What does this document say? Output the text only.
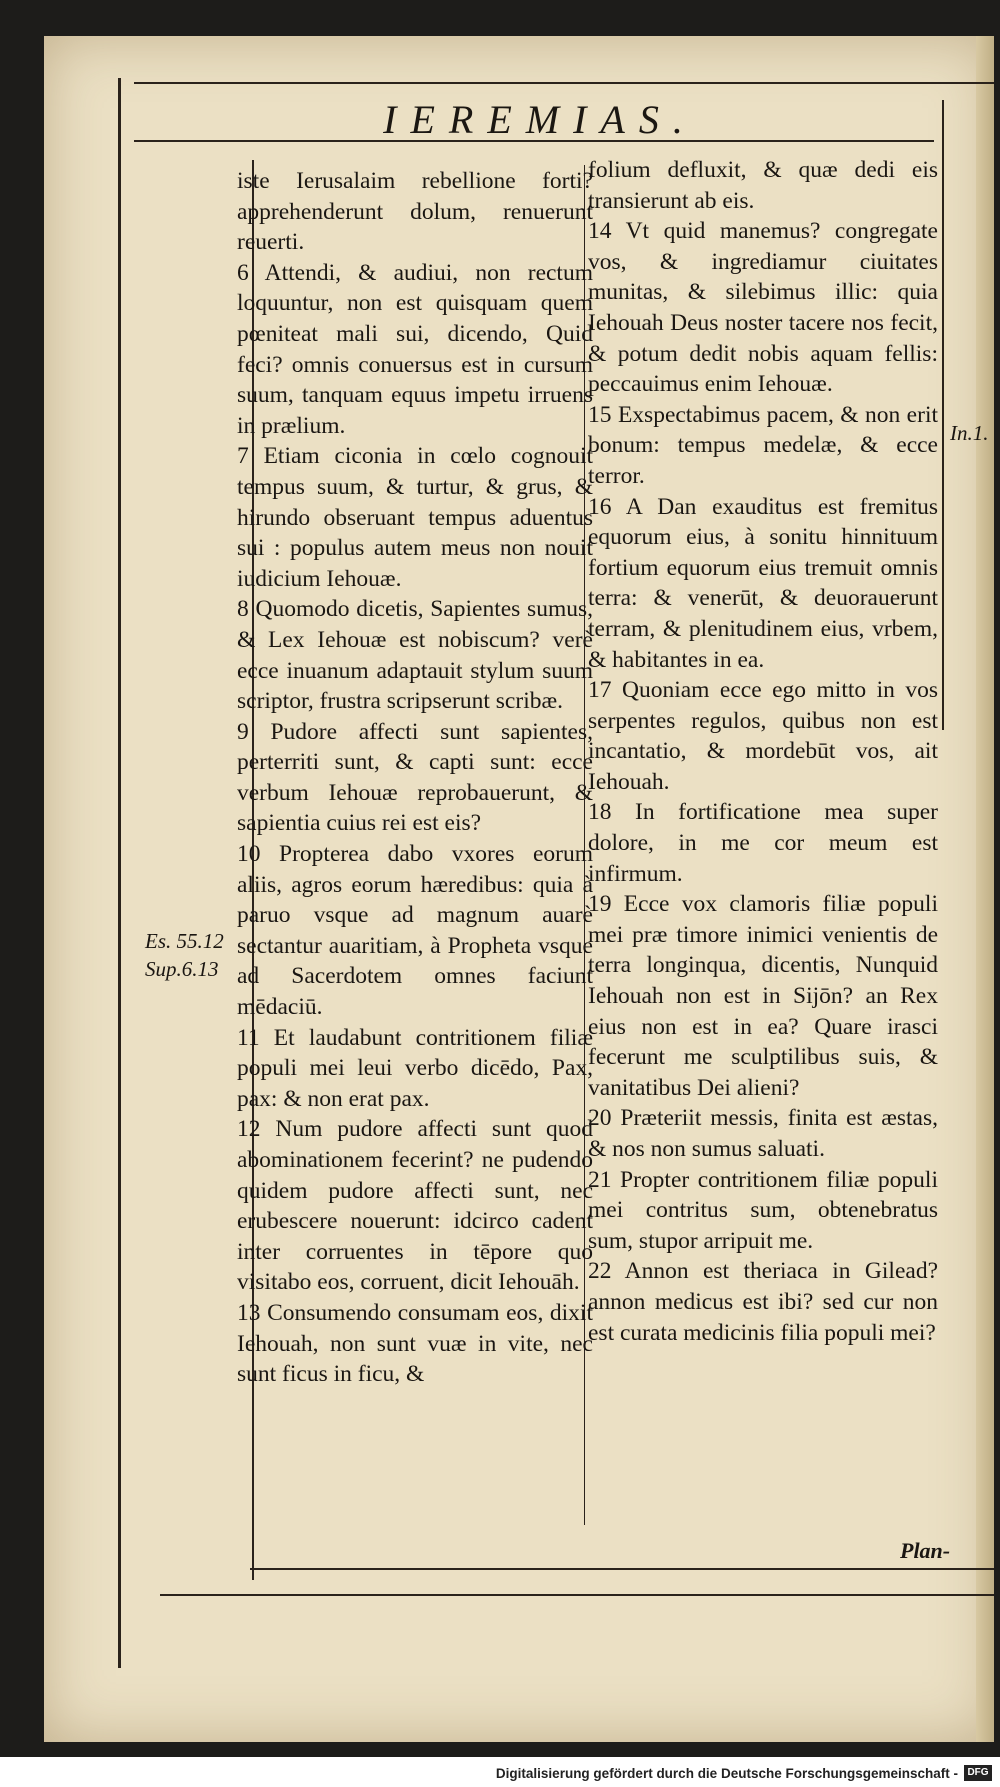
IEREMIAS.

iste Ierusalaim rebellione forti? apprehenderunt dolum, renuerunt reuerti.

6 Attendi, & audiui, non rectum loquuntur, non est quisquam quem pœniteat mali sui, dicendo, Quid feci? omnis conuersus est in cursum suum, tanquam equus impetu irruens in prælium.

7 Etiam ciconia in cœlo cognouit tempus suum, & turtur, & grus, & hirundo obseruant tempus aduentus sui : populus autem meus non nouit iudicium Iehouæ.

8 Quomodo dicetis, Sapientes sumus, & Lex Iehouæ est nobiscum? verè ecce inuanum adaptauit stylum suum scriptor, frustra scripserunt scribæ.

9 Pudore affecti sunt sapientes, perterriti sunt, & capti sunt: ecce verbum Iehouæ reprobauerunt, & sapientia cuius rei est eis?

10 Propterea dabo vxores eorum aliis, agros eorum hæredibus: quia à paruo vsque ad magnum auarè sectantur auaritiam, à Propheta vsque ad Sacerdotem omnes faciunt mēdaciū.

11 Et laudabunt contritionem filiæ populi mei leui verbo dicēdo, Pax, pax: & non erat pax.

12 Num pudore affecti sunt quod abominationem fecerint? ne pudendo quidem pudore affecti sunt, nec erubescere nouerunt: idcirco cadent inter corruentes in tēpore quo visitabo eos, corruent, dicit Iehouāh.

13 Consumendo consumam eos, dixit Iehouah, non sunt vuæ in vite, nec sunt ficus in ficu, &

folium defluxit, & quæ dedi eis transierunt ab eis.

14 Vt quid manemus? congregate vos, & ingrediamur ciuitates munitas, & silebimus illic: quia Iehouah Deus noster tacere nos fecit, & potum dedit nobis aquam fellis: peccauimus enim Iehouæ.

15 Exspectabimus pacem, & non erit bonum: tempus medelæ, & ecce terror.

16 A Dan exauditus est fremitus equorum eius, à sonitu hinnituum fortium equorum eius tremuit omnis terra: & venerūt, & deuorauerunt terram, & plenitudinem eius, vrbem, & habitantes in ea.

17 Quoniam ecce ego mitto in vos serpentes regulos, quibus non est incantatio, & mordebūt vos, ait Iehouah.

18 In fortificatione mea super dolore, in me cor meum est infirmum.

19 Ecce vox clamoris filiæ populi mei præ timore inimici venientis de terra longinqua, dicentis, Nunquid Iehouah non est in Sijōn? an Rex eius non est in ea? Quare irasci fecerunt me sculptilibus suis, & vanitatibus Dei alieni?

20 Præteriit messis, finita est æstas, & nos non sumus saluati.

21 Propter contritionem filiæ populi mei contritus sum, obtenebratus sum, stupor arripuit me.

22 Annon est theriaca in Gilead? annon medicus est ibi? sed cur non est curata medicinis filia populi mei?

Es. 55.12
Sup.6.13
In.1.
Plan-
Digitalisierung gefördert durch die Deutsche Forschungsgemeinschaft - DFG
